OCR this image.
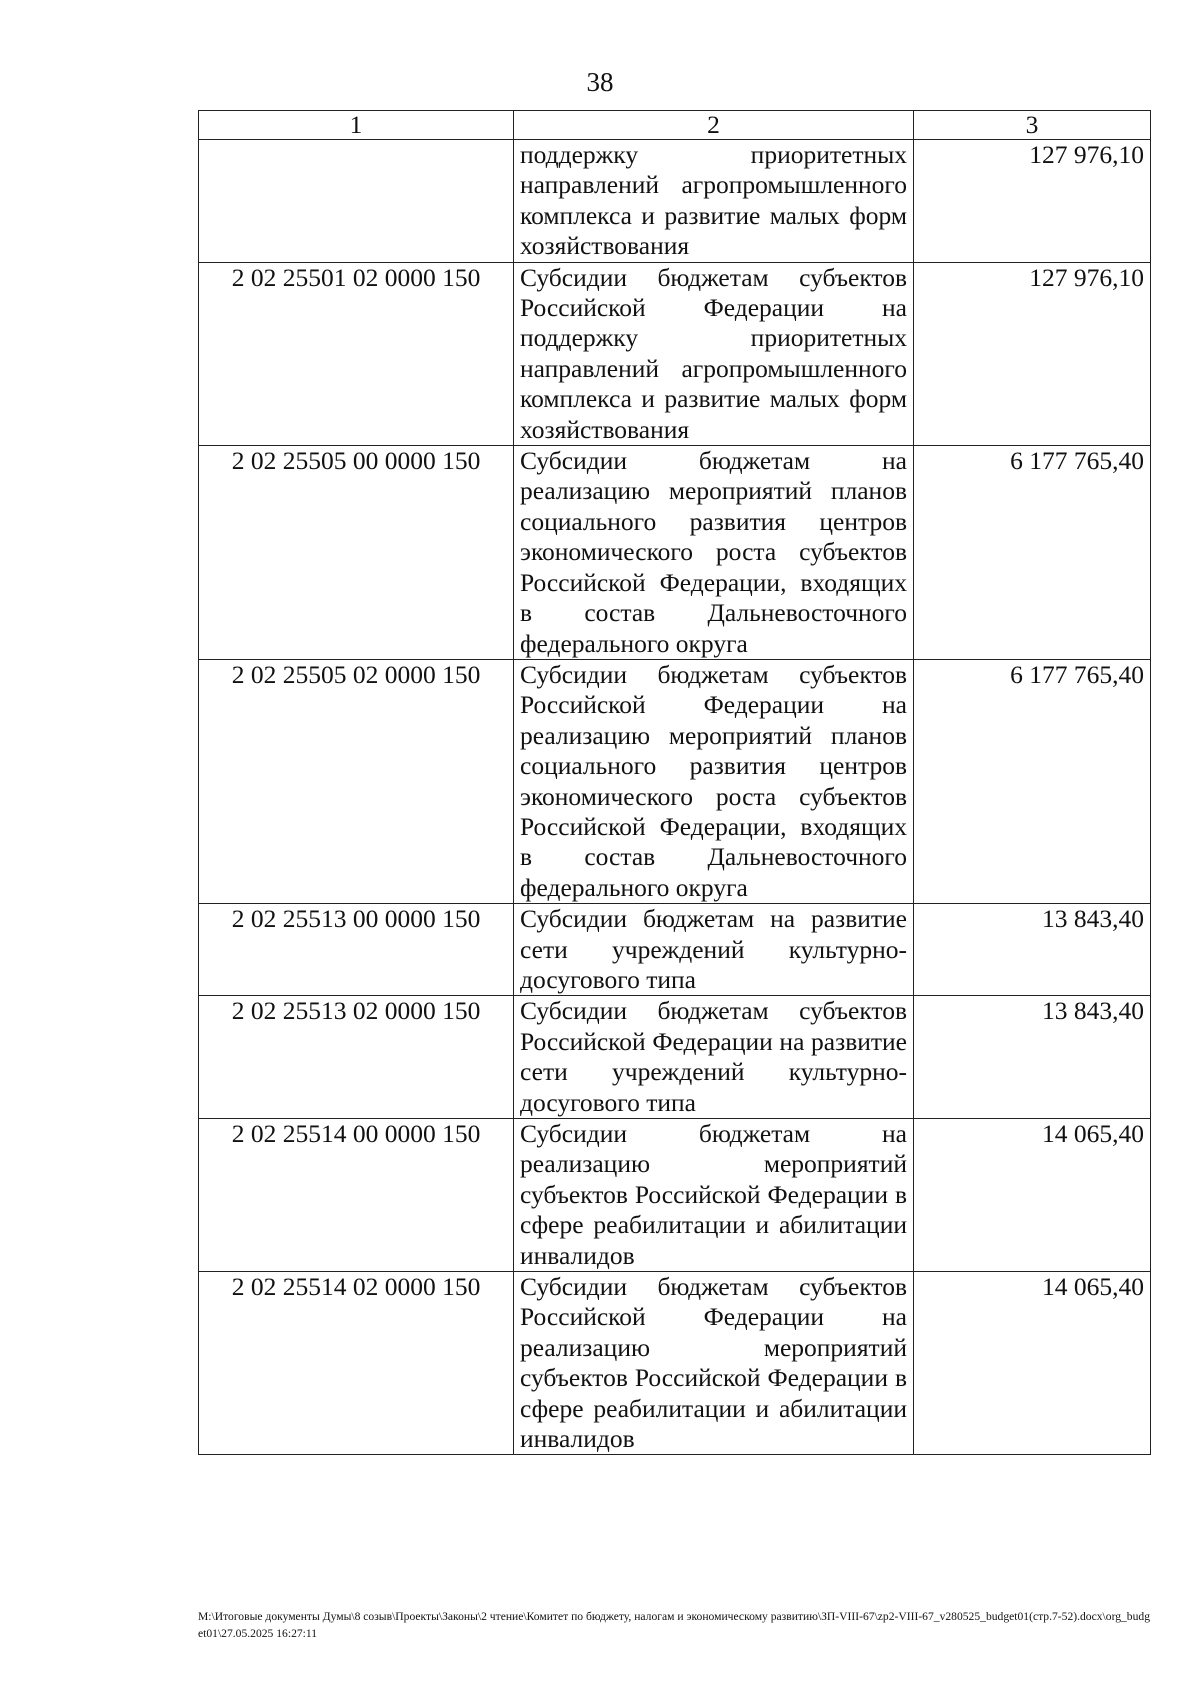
38
1	2	3
	поддержку приоритетных направлений агропромышленного комплекса и развитие малых форм хозяйствования	127 976,10
2 02 25501 02 0000 150	Субсидии бюджетам субъектов Российской Федерации на поддержку приоритетных направлений агропромышленного комплекса и развитие малых форм хозяйствования	127 976,10
2 02 25505 00 0000 150	Субсидии бюджетам на реализацию мероприятий планов социального развития центров экономического роста субъектов Российской Федерации, входящих в состав Дальневосточного федерального округа	6 177 765,40
2 02 25505 02 0000 150	Субсидии бюджетам субъектов Российской Федерации на реализацию мероприятий планов социального развития центров экономического роста субъектов Российской Федерации, входящих в состав Дальневосточного федерального округа	6 177 765,40
2 02 25513 00 0000 150	Субсидии бюджетам на развитие сети учреждений культурно-досугового типа	13 843,40
2 02 25513 02 0000 150	Субсидии бюджетам субъектов Российской Федерации на развитие сети учреждений культурно-досугового типа	13 843,40
2 02 25514 00 0000 150	Субсидии бюджетам на реализацию мероприятий субъектов Российской Федерации в сфере реабилитации и абилитации инвалидов	14 065,40
2 02 25514 02 0000 150	Субсидии бюджетам субъектов Российской Федерации на реализацию мероприятий субъектов Российской Федерации в сфере реабилитации и абилитации инвалидов	14 065,40
М:\Итоговые документы Думы\8 созыв\Проекты\Законы\2 чтение\Комитет по бюджету, налогам и экономическому развитию\ЗП-VIII-67\zp2-VIII-67_v280525_budget01(стр.7-52).docx\org_budget01\27.05.2025 16:27:11
